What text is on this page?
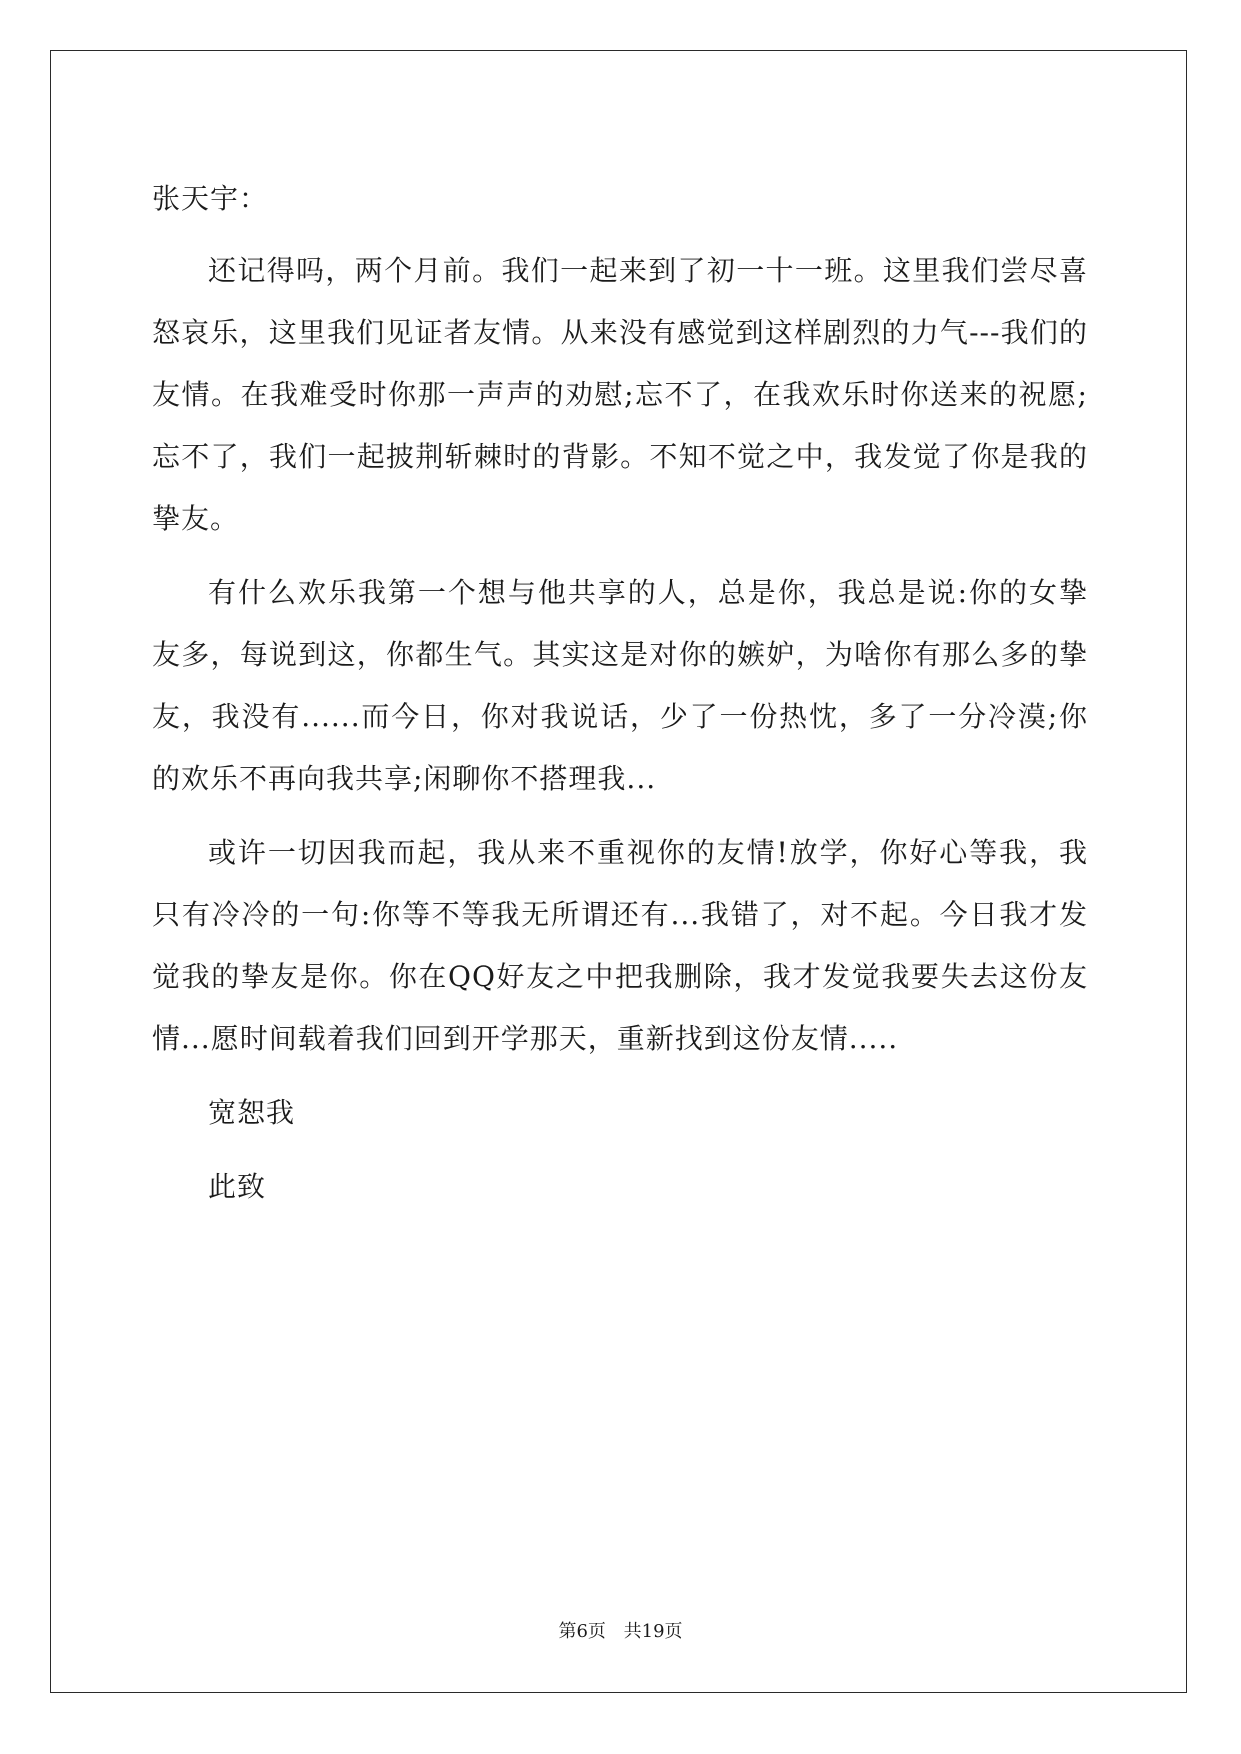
张天宇：

还记得吗，两个月前。我们一起来到了初一十一班。这里我们尝尽喜怒哀乐，这里我们见证者友情。从来没有感觉到这样剧烈的力气---我们的友情。在我难受时你那一声声的劝慰;忘不了，在我欢乐时你送来的祝愿;忘不了，我们一起披荆斩棘时的背影。不知不觉之中，我发觉了你是我的挚友。

有什么欢乐我第一个想与他共享的人，总是你，我总是说:你的女挚友多，每说到这，你都生气。其实这是对你的嫉妒，为啥你有那么多的挚友，我没有......而今日，你对我说话，少了一份热忱，多了一分冷漠;你的欢乐不再向我共享;闲聊你不搭理我...

或许一切因我而起，我从来不重视你的友情!放学，你好心等我，我只有冷冷的一句:你等不等我无所谓还有...我错了，对不起。今日我才发觉我的挚友是你。你在QQ好友之中把我删除，我才发觉我要失去这份友情...愿时间载着我们回到开学那天，重新找到这份友情.....

宽恕我

此致

第6页 共19页
